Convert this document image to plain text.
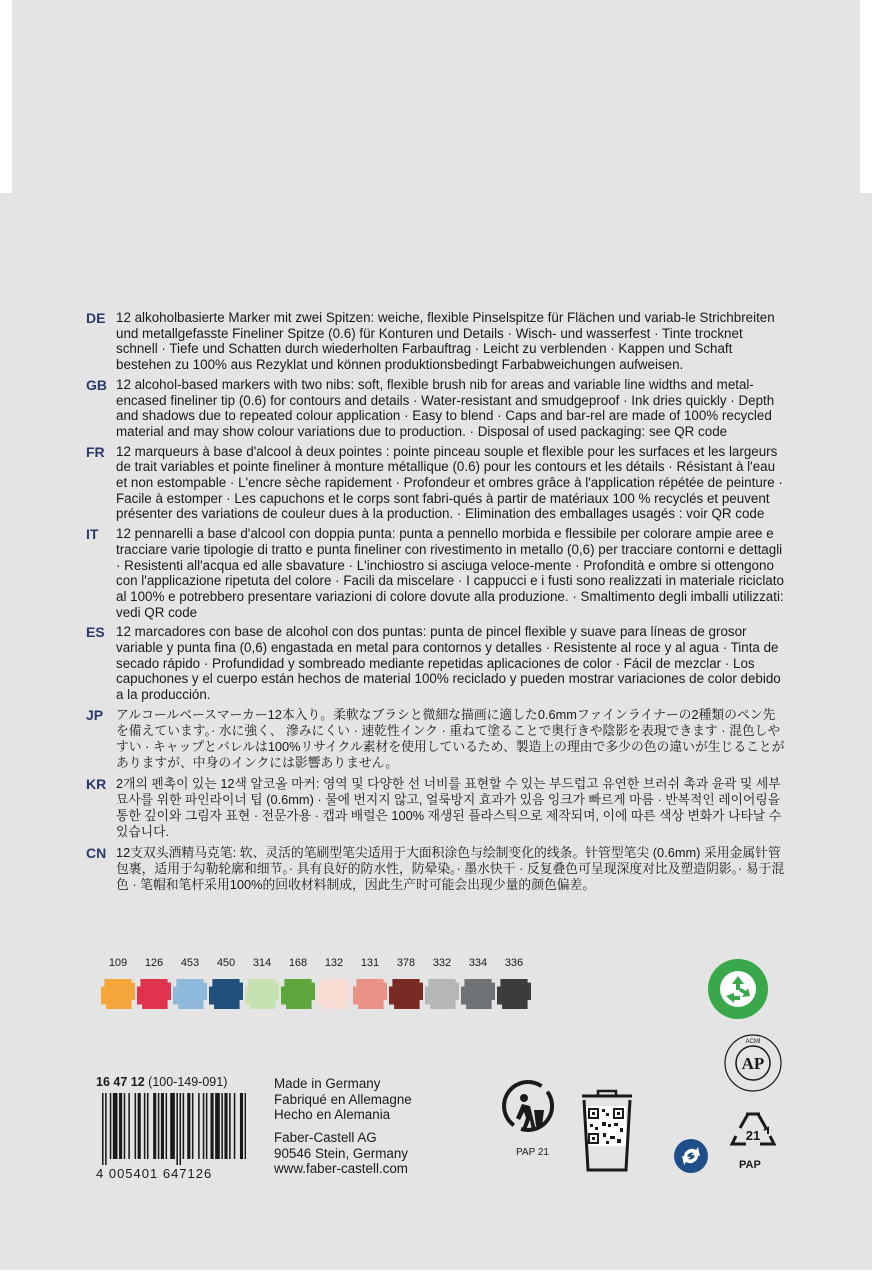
DE 12 alkoholbasierte Marker mit zwei Spitzen: weiche, flexible Pinselspitze für Flächen und variab-le Strichbreiten und metallgefasste Fineliner Spitze (0.6) für Konturen und Details · Wisch- und wasserfest · Tinte trocknet schnell · Tiefe und Schatten durch wiederholten Farbauftrag · Leicht zu verblenden · Kappen und Schaft bestehen zu 100% aus Rezyklat und können produktionsbedingt Farbabweichungen aufweisen.
GB 12 alcohol-based markers with two nibs: soft, flexible brush nib for areas and variable line widths and metal-encased fineliner tip (0.6) for contours and details · Water-resistant and smudgeproof · Ink dries quickly · Depth and shadows due to repeated colour application · Easy to blend · Caps and bar-rel are made of 100% recycled material and may show colour variations due to production. · Disposal of used packaging: see QR code
FR 12 marqueurs à base d'alcool à deux pointes : pointe pinceau souple et flexible pour les surfaces et les largeurs de trait variables et pointe fineliner à monture métallique (0.6) pour les contours et les détails · Résistant à l'eau et non estompable · L'encre sèche rapidement · Profondeur et ombres grâce à l'application répétée de peinture · Facile à estomper · Les capuchons et le corps sont fabri-qués à partir de matériaux 100 % recyclés et peuvent présenter des variations de couleur dues à la production. · Elimination des emballages usagés : voir QR code
IT	12 pennarelli a base d'alcool con doppia punta: punta a pennello morbida e flessibile per colorare ampie aree e tracciare varie tipologie di tratto e punta fineliner con rivestimento in metallo (0,6) per tracciare contorni e dettagli · Resistenti all'acqua ed alle sbavature · L'inchiostro si asciuga veloce-mente · Profondità e ombre si ottengono con l'applicazione ripetuta del colore · Facili da miscelare · I cappucci e i fusti sono realizzati in materiale riciclato al 100% e potrebbero presentare variazioni di colore dovute alla produzione. · Smaltimento degli imballi utilizzati: vedi QR code
ES 12 marcadores con base de alcohol con dos puntas: punta de pincel flexible y suave para líneas de grosor variable y punta fina (0,6) engastada en metal para contornos y detalles · Resistente al roce y al agua · Tinta de secado rápido · Profundidad y sombreado mediante repetidas aplicaciones de color · Fácil de mezclar · Los capuchones y el cuerpo están hechos de material 100% reciclado y pueden mostrar variaciones de color debido a la producción.
JP	アルコールベースマーカー12本入り。柔軟なブラシと微細な描画に適した0.6mmファインライナーの2種類のペン先を備えています。· 水に強く、 滲みにくい · 速乾性インク · 重ねて塗ることで奥行きや陰影を表現できます · 混色しやすい · キャップとバレルは100%リサイクル素材を使用しているため、製造上の理由で多少の色の違いが生じることがありますが、中身のインクには影響ありません。
KR 2개의 펜촉이 있는 12색 알코올 마커: 영역 및 다양한 선 너비를 표현할 수 있는 부드럽고 유연한 브러쉬 촉과 윤곽 및 세부 묘사를 위한 파인라이너 팁 (0.6mm) · 물에 번지지 않고, 얼룩방지 효과가 있음 잉크가 빠르게 마름 · 반복적인 레이어링을 통한 깊이와 그림자 표현 · 전문가용 · 캡과 배럴은 100% 재생된 플라스틱으로 제작되며, 이에 따른 색상 변화가 나타날 수 있습니다.
CN 12支双头酒精马克笔: 软、灵活的笔刷型笔尖适用于大面积涂色与绘制变化的线条。针管型笔尖 (0.6mm) 采用金属针管包裹，适用于勾勒轮廓和细节。· 具有良好的防水性，防晕染。· 墨水快干 · 反复叠色可呈现深度对比及塑造阴影。· 易于混色 · 笔帽和笔杆采用100%的回收材料制成，因此生产时可能会出现少量的颜色偏差。
109 126 453 450 314 168 132 131 378 332 334 336
AP
ACMI
16 47 12 (100-149-091)
4 005401 647126
Made in Germany
Fabriqué en Allemagne
Hecho en Alemania
Faber-Castell AG
90546 Stein, Germany
www.faber-castell.com
PAP 21
21
PAP
